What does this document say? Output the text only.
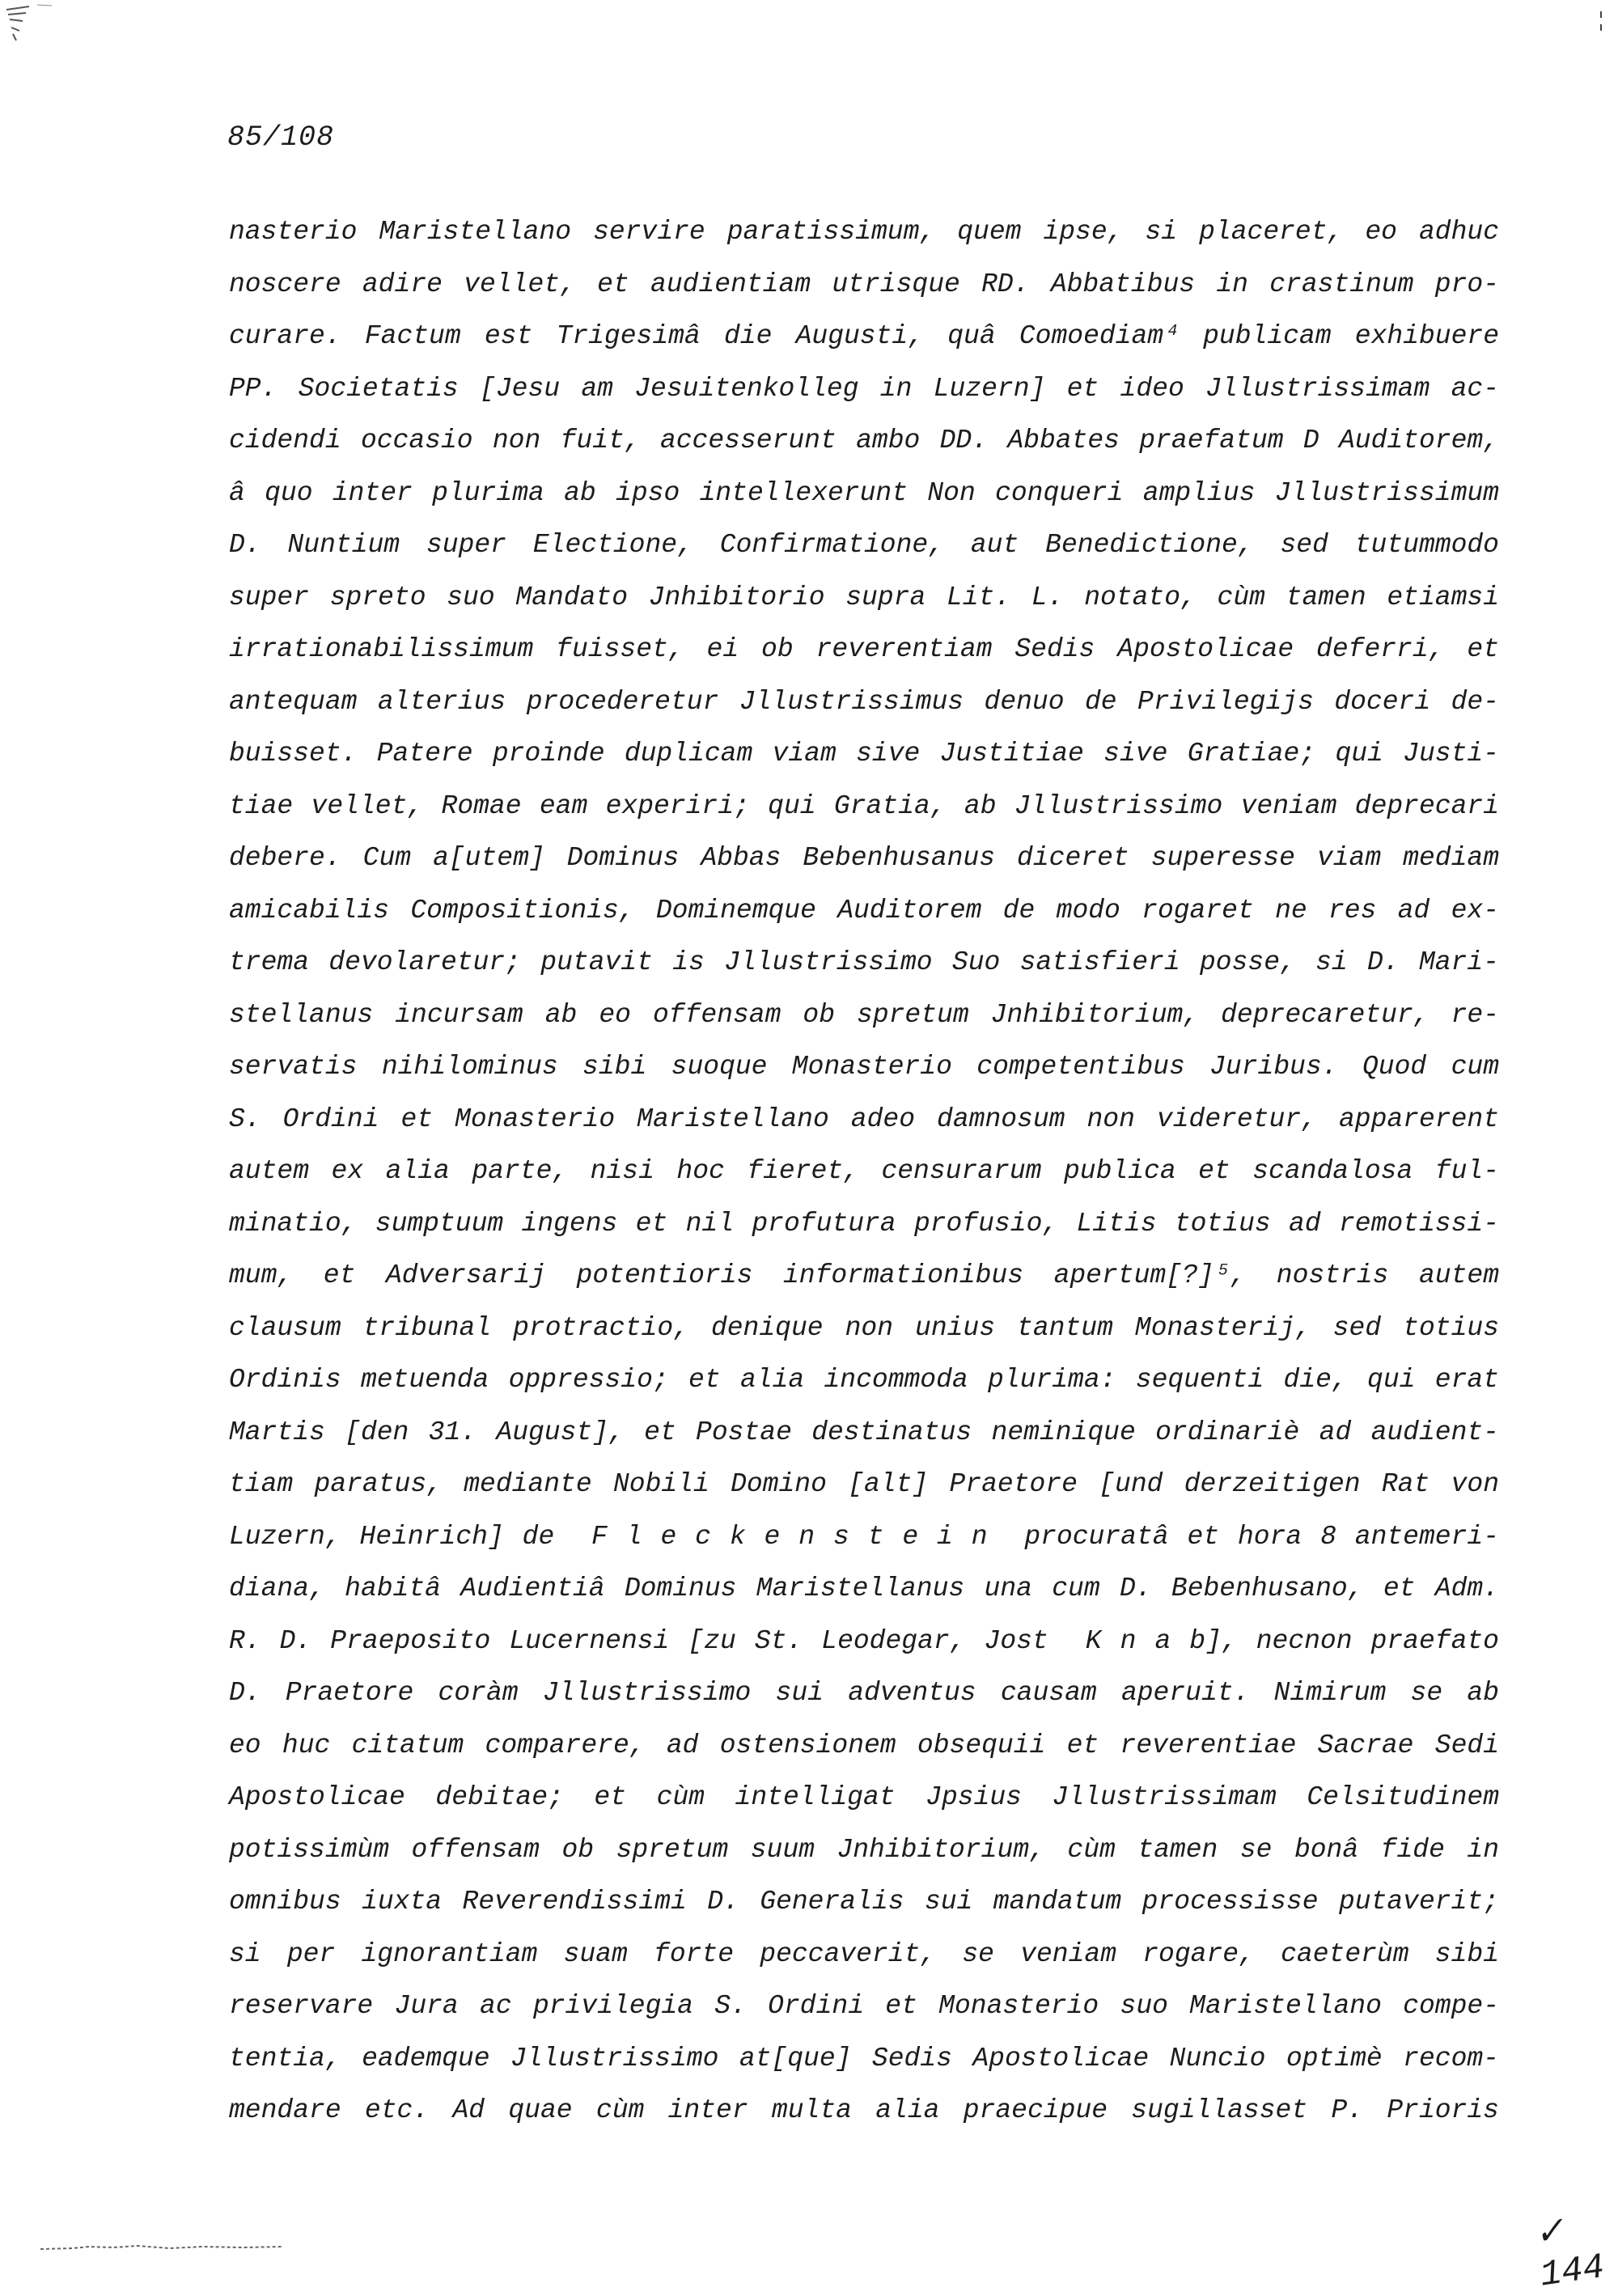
85/108
nasterio Maristellano servire paratissimum, quem ipse, si placeret, eo adhuc
noscere adire vellet, et audientiam utrisque RD. Abbatibus in crastinum pro-
curare. Factum est Trigesimâ die Augusti, quâ Comoediam⁴ publicam exhibuere
PP. Societatis [Jesu am Jesuitenkolleg in Luzern] et ideo Jllustrissimam ac-
cidendi occasio non fuit, accesserunt ambo DD. Abbates praefatum D Auditorem,
â quo inter plurima ab ipso intellexerunt Non conqueri amplius Jllustrissimum
D. Nuntium super Electione, Confirmatione, aut Benedictione, sed tutummodo
super spreto suo Mandato Jnhibitorio supra Lit. L. notato, cùm tamen etiamsi
irrationabilissimum fuisset, ei ob reverentiam Sedis Apostolicae deferri, et
antequam alterius procederetur Jllustrissimus denuo de Privilegijs doceri de-
buisset. Patere proinde duplicam viam sive Justitiae sive Gratiae; qui Justi-
tiae vellet, Romae eam experiri; qui Gratia, ab Jllustrissimo veniam deprecari
debere. Cum a[utem] Dominus Abbas Bebenhusanus diceret superesse viam mediam
amicabilis Compositionis, Dominemque Auditorem de modo rogaret ne res ad ex-
trema devolaretur; putavit is Jllustrissimo Suo satisfieri posse, si D. Mari-
stellanus incursam ab eo offensam ob spretum Jnhibitorium, deprecaretur, re-
servatis nihilominus sibi suoque Monasterio competentibus Juribus. Quod cum
S. Ordini et Monasterio Maristellano adeo damnosum non videretur, apparerent
autem ex alia parte, nisi hoc fieret, censurarum publica et scandalosa ful-
minatio, sumptuum ingens et nil profutura profusio, Litis totius ad remotissi-
mum, et Adversarij potentioris informationibus apertum[?]⁵, nostris autem
clausum tribunal protractio, denique non unius tantum Monasterij, sed totius
Ordinis metuenda oppressio; et alia incommoda plurima: sequenti die, qui erat
Martis [den 31. August], et Postae destinatus neminique ordinariè ad audient-
tiam paratus, mediante Nobili Domino [alt] Praetore [und derzeitigen Rat von
Luzern, Heinrich] de  F l e c k e n s t e i n  procuratâ et hora 8 antemeri-
diana, habitâ Audientiâ Dominus Maristellanus una cum D. Bebenhusano, et Adm.
R. D. Praeposito Lucernensi [zu St. Leodegar, Jost  K n a b], necnon praefato
D. Praetore coràm Jllustrissimo sui adventus causam aperuit. Nimirum se ab
eo huc citatum comparere, ad ostensionem obsequii et reverentiae Sacrae Sedi
Apostolicae debitae; et cùm intelligat Jpsius Jllustrissimam Celsitudinem
potissimùm offensam ob spretum suum Jnhibitorium, cùm tamen se bonâ fide in
omnibus iuxta Reverendissimi D. Generalis sui mandatum processisse putaverit;
si per ignorantiam suam forte peccaverit, se veniam rogare, caeterùm sibi
reservare Jura ac privilegia S. Ordini et Monasterio suo Maristellano compe-
tentia, eademque Jllustrissimo at[que] Sedis Apostolicae Nuncio optimè recom-
mendare etc. Ad quae cùm inter multa alia praecipue sugillasset P. Prioris
✓ 144
